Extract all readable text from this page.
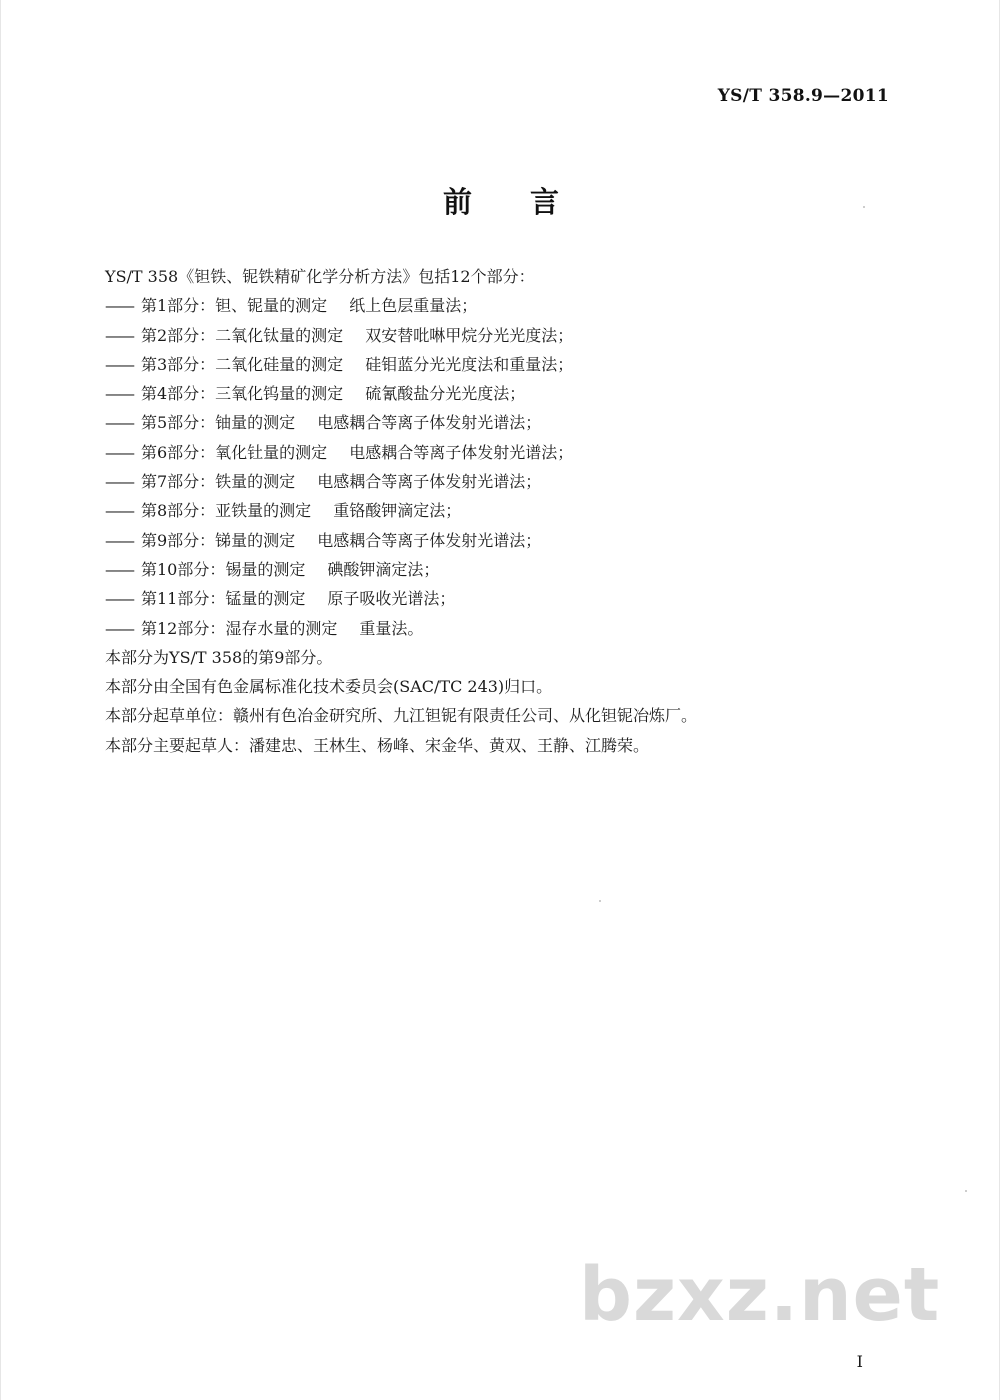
YS/T 358.9—2011
前言
YS/T 358《钽铁、铌铁精矿化学分析方法》包括12个部分：
—— 第1部分：钽、铌量的测定 纸上色层重量法；
—— 第2部分：二氧化钛量的测定 双安替吡啉甲烷分光光度法；
—— 第3部分：二氧化硅量的测定 硅钼蓝分光光度法和重量法；
—— 第4部分：三氧化钨量的测定 硫氰酸盐分光光度法；
—— 第5部分：铀量的测定 电感耦合等离子体发射光谱法；
—— 第6部分：氧化钍量的测定 电感耦合等离子体发射光谱法；
—— 第7部分：铁量的测定 电感耦合等离子体发射光谱法；
—— 第8部分：亚铁量的测定 重铬酸钾滴定法；
—— 第9部分：锑量的测定 电感耦合等离子体发射光谱法；
—— 第10部分：锡量的测定 碘酸钾滴定法；
—— 第11部分：锰量的测定 原子吸收光谱法；
—— 第12部分：湿存水量的测定 重量法。
本部分为YS/T 358的第9部分。
本部分由全国有色金属标准化技术委员会(SAC/TC 243)归口。
本部分起草单位：赣州有色冶金研究所、九江钽铌有限责任公司、从化钽铌冶炼厂。
本部分主要起草人：潘建忠、王林生、杨峰、宋金华、黄双、王静、江腾荣。
bzxz.net
I
